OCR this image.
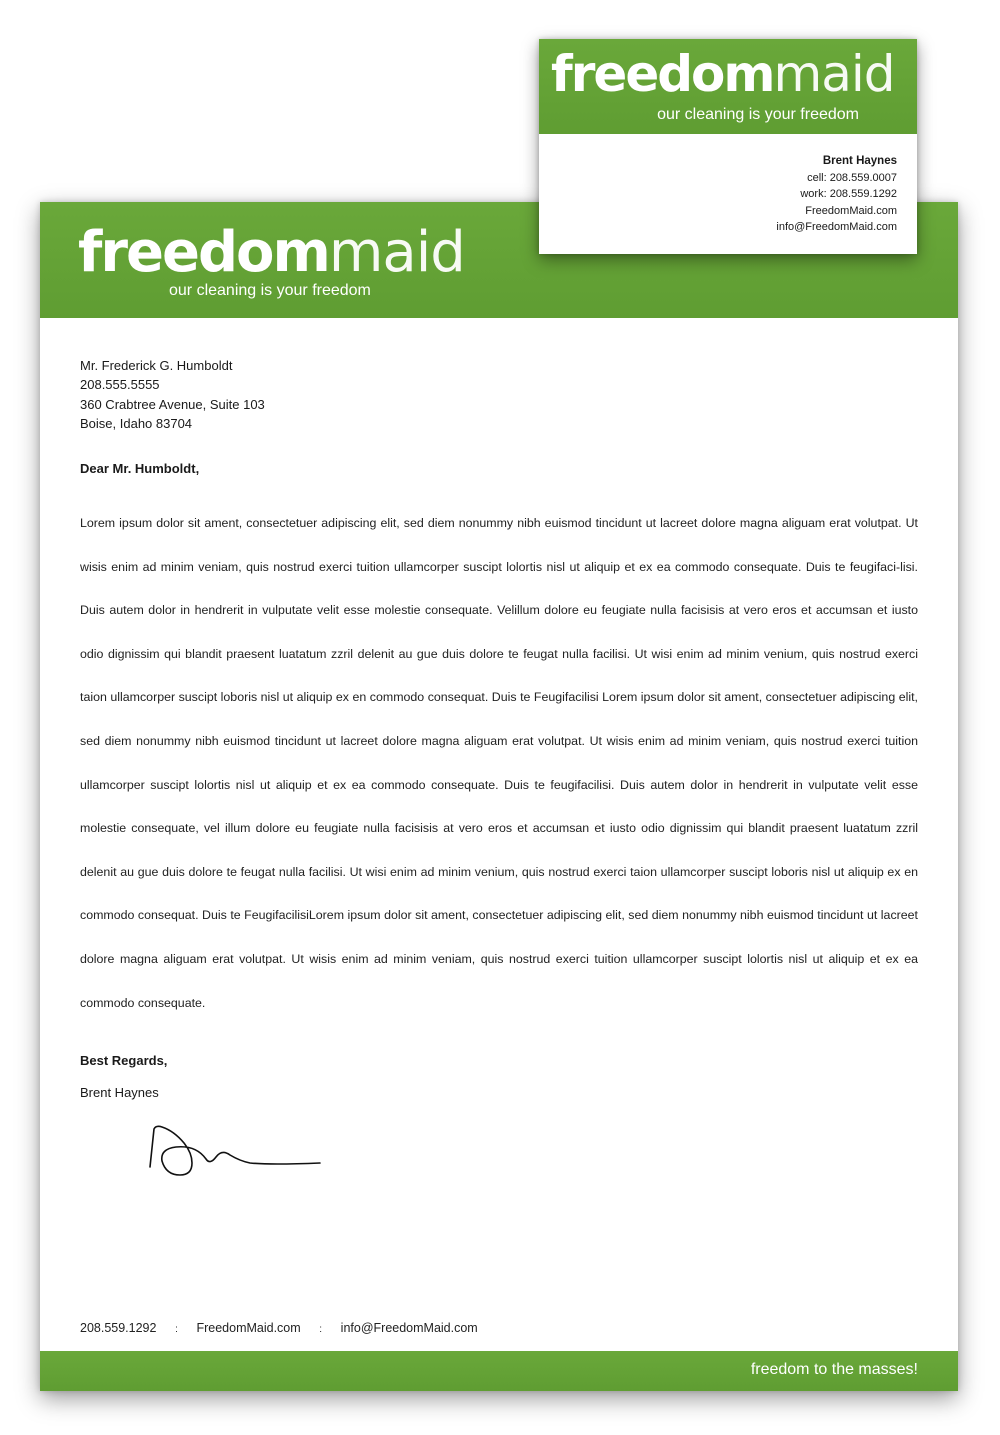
freedommaid
our cleaning is your freedom
Mr. Frederick G. Humboldt
208.555.5555
360 Crabtree Avenue, Suite 103
Boise, Idaho 83704
Dear Mr. Humboldt,
Lorem ipsum dolor sit ament, consectetuer adipiscing elit, sed diem nonummy nibh euismod tincidunt ut lacreet dolore magna aliguam erat volutpat. Ut wisis enim ad minim veniam, quis nostrud exerci tuition ullamcorper suscipt lolortis nisl ut aliquip et ex ea commodo consequate. Duis te feugifaci-lisi. Duis autem dolor in hendrerit in vulputate velit esse molestie consequate. Velillum dolore eu feugiate nulla facisisis at vero eros et accumsan et iusto odio dignissim qui blandit praesent luatatum zzril delenit au gue duis dolore te feugat nulla facilisi. Ut wisi enim ad minim venium, quis nostrud exerci taion ullamcorper suscipt loboris nisl ut aliquip ex en commodo consequat. Duis te Feugifacilisi Lorem ipsum dolor sit ament, consectetuer adipiscing elit, sed diem nonummy nibh euismod tincidunt ut lacreet dolore magna aliguam erat volutpat. Ut wisis enim ad minim veniam, quis nostrud exerci tuition ullamcorper suscipt lolortis nisl ut aliquip et ex ea commodo consequate. Duis te feugifacilisi. Duis autem dolor in hendrerit in vulputate velit esse molestie consequate, vel illum dolore eu feugiate nulla facisisis at vero eros et accumsan et iusto odio dignissim qui blandit praesent luatatum zzril delenit au gue duis dolore te feugat nulla facilisi. Ut wisi enim ad minim venium, quis nostrud exerci taion ullamcorper suscipt loboris nisl ut aliquip ex en commodo consequat. Duis te FeugifacilisiLorem ipsum dolor sit ament, consectetuer adipiscing elit, sed diem nonummy nibh euismod tincidunt ut lacreet dolore magna aliguam erat volutpat. Ut wisis enim ad minim veniam, quis nostrud exerci tuition ullamcorper suscipt lolortis nisl ut aliquip et ex ea commodo consequate.
Best Regards,
Brent Haynes
208.559.1292 : FreedomMaid.com : info@FreedomMaid.com
freedom to the masses!
freedommaid
our cleaning is your freedom
Brent Haynes
cell: 208.559.0007
work: 208.559.1292
FreedomMaid.com
info@FreedomMaid.com
